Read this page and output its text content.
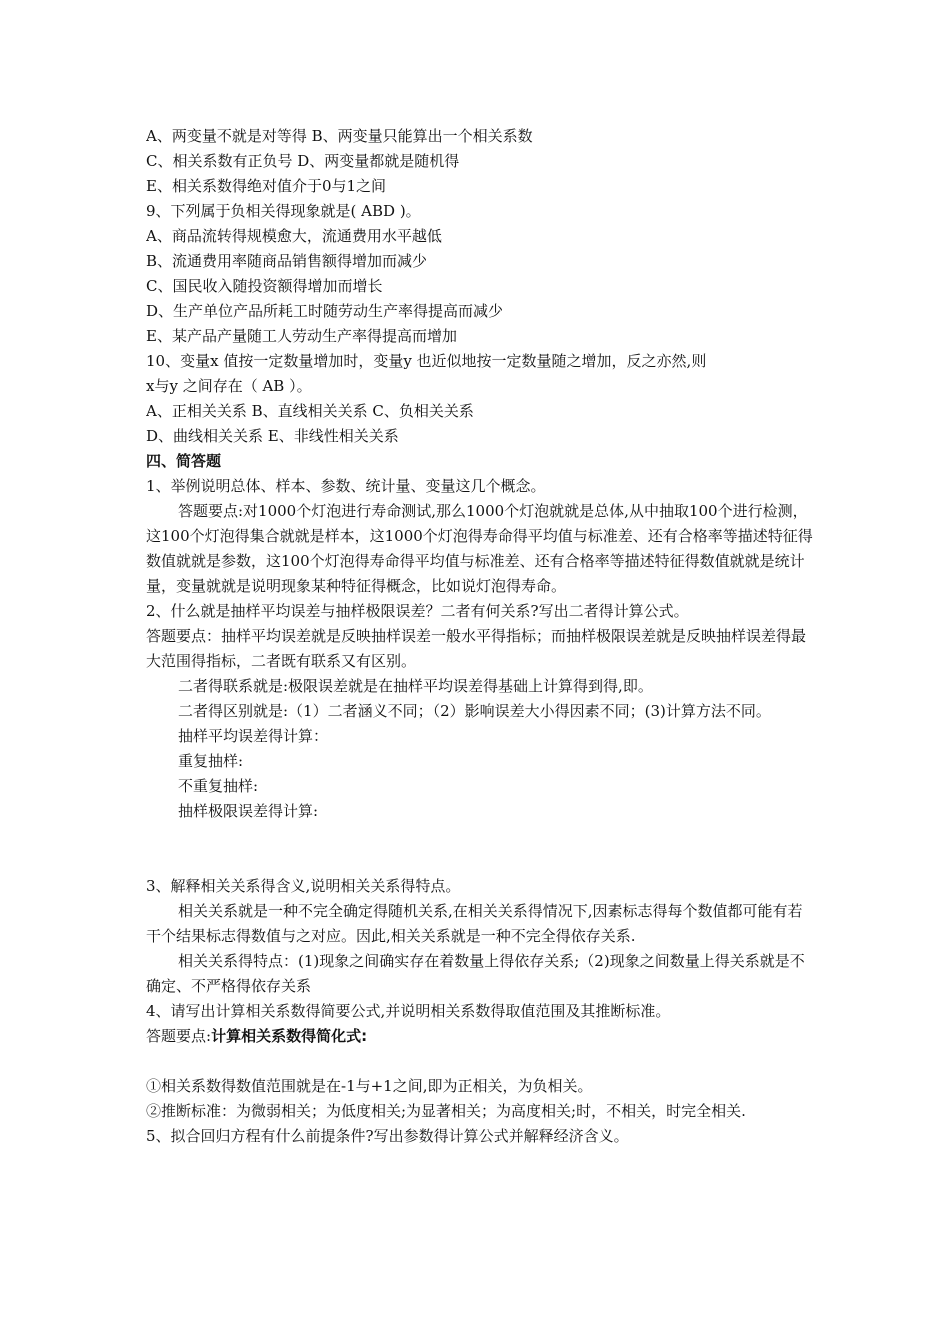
A、两变量不就是对等得 B、两变量只能算出一个相关系数
C、相关系数有正负号 D、两变量都就是随机得
E、相关系数得绝对值介于0与1之间
9、下列属于负相关得现象就是( ABD )。
A、商品流转得规模愈大，流通费用水平越低
B、流通费用率随商品销售额得增加而减少
C、国民收入随投资额得增加而增长
D、生产单位产品所耗工时随劳动生产率得提高而减少
E、某产品产量随工人劳动生产率得提高而增加
10、变量x 值按一定数量增加时，变量y 也近似地按一定数量随之增加，反之亦然,则
x与y 之间存在（ AB ）。
A、正相关关系 B、直线相关关系 C、负相关关系
D、曲线相关关系 E、非线性相关关系
四、简答题
1、举例说明总体、样本、参数、统计量、变量这几个概念。
答题要点:对1000个灯泡进行寿命测试,那么1000个灯泡就就是总体,从中抽取100个进行检测，这100个灯泡得集合就就是样本，这1000个灯泡得寿命得平均值与标准差、还有合格率等描述特征得数值就就是参数，这100个灯泡得寿命得平均值与标准差、还有合格率等描述特征得数值就就是统计量，变量就就是说明现象某种特征得概念，比如说灯泡得寿命。
2、什么就是抽样平均误差与抽样极限误差？二者有何关系?写出二者得计算公式。
答题要点：抽样平均误差就是反映抽样误差一般水平得指标；而抽样极限误差就是反映抽样误差得最大范围得指标，二者既有联系又有区别。
二者得联系就是:极限误差就是在抽样平均误差得基础上计算得到得,即。
二者得区别就是:（1）二者涵义不同；（2）影响误差大小得因素不同；(3)计算方法不同。
抽样平均误差得计算：
重复抽样:
不重复抽样:
抽样极限误差得计算:
3、解释相关关系得含义,说明相关关系得特点。
相关关系就是一种不完全确定得随机关系,在相关关系得情况下,因素标志得每个数值都可能有若干个结果标志得数值与之对应。因此,相关关系就是一种不完全得依存关系.
相关关系得特点：(1)现象之间确实存在着数量上得依存关系;（2)现象之间数量上得关系就是不确定、不严格得依存关系
4、请写出计算相关系数得简要公式,并说明相关系数得取值范围及其推断标准。
答题要点:计算相关系数得简化式:
①相关系数得数值范围就是在-1与+1之间,即为正相关，为负相关。
②推断标准：为微弱相关；为低度相关;为显著相关；为高度相关;时，不相关，时完全相关.
5、拟合回归方程有什么前提条件?写出参数得计算公式并解释经济含义。
